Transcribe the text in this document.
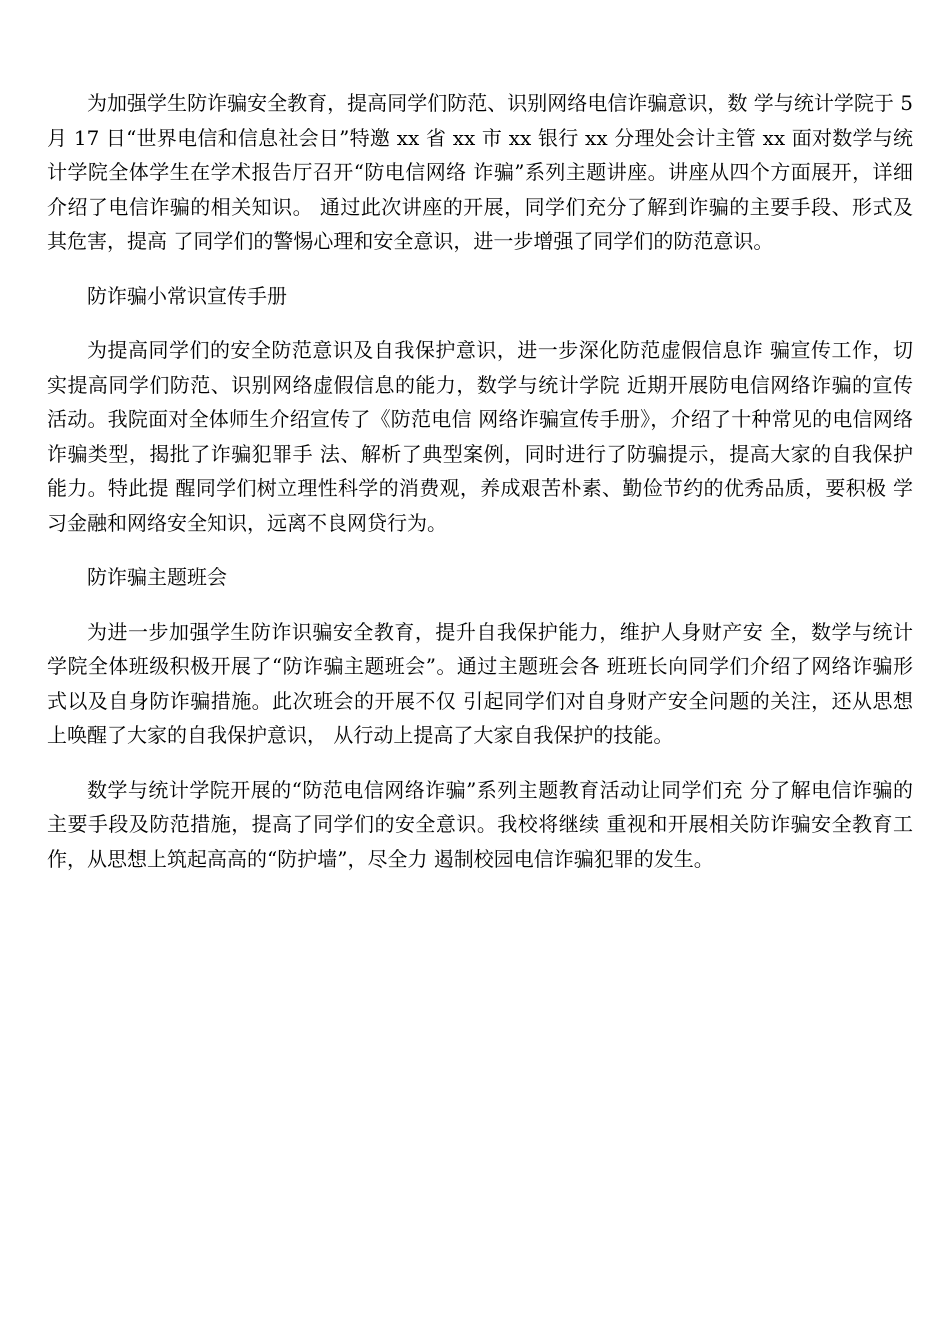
为加强学生防诈骗安全教育，提高同学们防范、识别网络电信诈骗意识，数 学与统计学院于 5 月 17 日“世界电信和信息社会日”特邀 xx 省 xx 市 xx 银行 xx 分理处会计主管 xx 面对数学与统计学院全体学生在学术报告厅召开“防电信网络 诈骗”系列主题讲座。讲座从四个方面展开，详细介绍了电信诈骗的相关知识。 通过此次讲座的开展，同学们充分了解到诈骗的主要手段、形式及其危害，提高 了同学们的警惕心理和安全意识，进一步增强了同学们的防范意识。

防诈骗小常识宣传手册

为提高同学们的安全防范意识及自我保护意识，进一步深化防范虚假信息诈 骗宣传工作，切实提高同学们防范、识别网络虚假信息的能力，数学与统计学院 近期开展防电信网络诈骗的宣传活动。我院面对全体师生介绍宣传了《防范电信 网络诈骗宣传手册》，介绍了十种常见的电信网络诈骗类型，揭批了诈骗犯罪手 法、解析了典型案例，同时进行了防骗提示，提高大家的自我保护能力。特此提 醒同学们树立理性科学的消费观，养成艰苦朴素、勤俭节约的优秀品质，要积极 学习金融和网络安全知识，远离不良网贷行为。

防诈骗主题班会

为进一步加强学生防诈识骗安全教育，提升自我保护能力，维护人身财产安 全，数学与统计学院全体班级积极开展了“防诈骗主题班会”。通过主题班会各 班班长向同学们介绍了网络诈骗形式以及自身防诈骗措施。此次班会的开展不仅 引起同学们对自身财产安全问题的关注，还从思想上唤醒了大家的自我保护意识， 从行动上提高了大家自我保护的技能。

数学与统计学院开展的“防范电信网络诈骗”系列主题教育活动让同学们充 分了解电信诈骗的主要手段及防范措施，提高了同学们的安全意识。我校将继续 重视和开展相关防诈骗安全教育工作，从思想上筑起高高的“防护墙”，尽全力 遏制校园电信诈骗犯罪的发生。
